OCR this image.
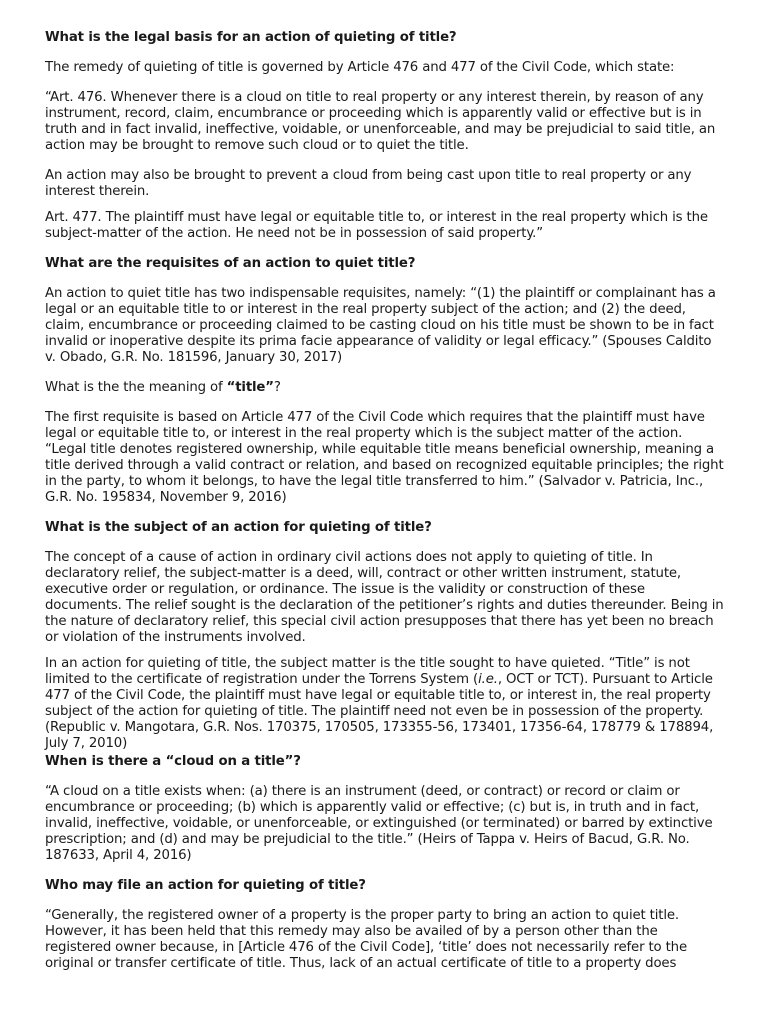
What is the legal basis for an action of quieting of title?

The remedy of quieting of title is governed by Article 476 and 477 of the Civil Code, which state:

“Art. 476. Whenever there is a cloud on title to real property or any interest therein, by reason of any instrument, record, claim, encumbrance or proceeding which is apparently valid or effective but is in truth and in fact invalid, ineffective, voidable, or unenforceable, and may be prejudicial to said title, an action may be brought to remove such cloud or to quiet the title.

An action may also be brought to prevent a cloud from being cast upon title to real property or any interest therein.

Art. 477. The plaintiff must have legal or equitable title to, or interest in the real property which is the subject-matter of the action. He need not be in possession of said property.”

What are the requisites of an action to quiet title?

An action to quiet title has two indispensable requisites, namely: “(1) the plaintiff or complainant has a legal or an equitable title to or interest in the real property subject of the action; and (2) the deed, claim, encumbrance or proceeding claimed to be casting cloud on his title must be shown to be in fact invalid or inoperative despite its prima facie appearance of validity or legal efficacy.” (Spouses Caldito v. Obado, G.R. No. 181596, January 30, 2017)

What is the the meaning of “title”?

The first requisite is based on Article 477 of the Civil Code which requires that the plaintiff must have legal or equitable title to, or interest in the real property which is the subject matter of the action. “Legal title denotes registered ownership, while equitable title means beneficial ownership, meaning a title derived through a valid contract or relation, and based on recognized equitable principles; the right in the party, to whom it belongs, to have the legal title transferred to him.” (Salvador v. Patricia, Inc., G.R. No. 195834, November 9, 2016)

What is the subject of an action for quieting of title?

The concept of a cause of action in ordinary civil actions does not apply to quieting of title. In declaratory relief, the subject-matter is a deed, will, contract or other written instrument, statute, executive order or regulation, or ordinance. The issue is the validity or construction of these documents. The relief sought is the declaration of the petitioner’s rights and duties thereunder. Being in the nature of declaratory relief, this special civil action presupposes that there has yet been no breach or violation of the instruments involved.

In an action for quieting of title, the subject matter is the title sought to have quieted. “Title” is not limited to the certificate of registration under the Torrens System (i.e., OCT or TCT). Pursuant to Article 477 of the Civil Code, the plaintiff must have legal or equitable title to, or interest in, the real property subject of the action for quieting of title. The plaintiff need not even be in possession of the property. (Republic v. Mangotara, G.R. Nos. 170375, 170505, 173355-56, 173401, 17356-64, 178779 & 178894, July 7, 2010)

When is there a “cloud on a title”?

“A cloud on a title exists when: (a) there is an instrument (deed, or contract) or record or claim or encumbrance or proceeding; (b) which is apparently valid or effective; (c) but is, in truth and in fact, invalid, ineffective, voidable, or unenforceable, or extinguished (or terminated) or barred by extinctive prescription; and (d) and may be prejudicial to the title.” (Heirs of Tappa v. Heirs of Bacud, G.R. No. 187633, April 4, 2016)

Who may file an action for quieting of title?

“Generally, the registered owner of a property is the proper party to bring an action to quiet title. However, it has been held that this remedy may also be availed of by a person other than the registered owner because, in [Article 476 of the Civil Code], ‘title’ does not necessarily refer to the original or transfer certificate of title. Thus, lack of an actual certificate of title to a property does
